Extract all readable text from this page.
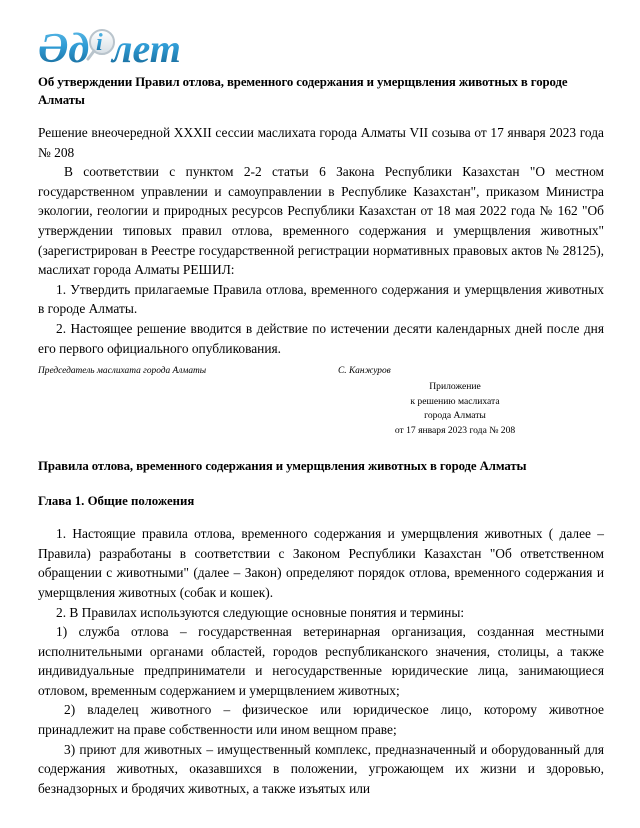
Әд i лет
Об утверждении Правил отлова, временного содержания и умерщвления животных в городе Алматы

Решение внеочередной XXXII сессии маслихата города Алматы VII созыва от 17 января 2023 года № 208

В соответствии с пунктом 2-2 статьи 6 Закона Республики Казахстан "О местном государственном управлении и самоуправлении в Республике Казахстан", приказом Министра экологии, геологии и природных ресурсов Республики Казахстан от 18 мая 2022 года № 162 "Об утверждении типовых правил отлова, временного содержания и умерщвления животных" (зарегистрирован в Реестре государственной регистрации нормативных правовых актов № 28125), маслихат города Алматы РЕШИЛ:

1. Утвердить прилагаемые Правила отлова, временного содержания и умерщвления животных в городе Алматы.

2. Настоящее решение вводится в действие по истечении десяти календарных дней после дня его первого официального опубликования.

Председатель маслихата города Алматы	С. Канжуров
Приложение
к решению маслихата
города Алматы
от 17 января 2023 года № 208
Правила отлова, временного содержания и умерщвления животных в городе Алматы
Глава 1. Общие положения

1. Настоящие правила отлова, временного содержания и умерщвления животных ( далее – Правила) разработаны в соответствии с Законом Республики Казахстан "Об ответственном обращении с животными" (далее – Закон) определяют порядок отлова, временного содержания и умерщвления животных (собак и кошек).

2. В Правилах используются следующие основные понятия и термины:

1) служба отлова – государственная ветеринарная организация, созданная местными исполнительными органами областей, городов республиканского значения, столицы, а также индивидуальные предприниматели и негосударственные юридические лица, занимающиеся отловом, временным содержанием и умерщвлением животных;

2) владелец животного – физическое или юридическое лицо, которому животное принадлежит на праве собственности или ином вещном праве;

3) приют для животных – имущественный комплекс, предназначенный и оборудованный для содержания животных, оказавшихся в положении, угрожающем их жизни и здоровью, безнадзорных и бродячих животных, а также изъятых или
